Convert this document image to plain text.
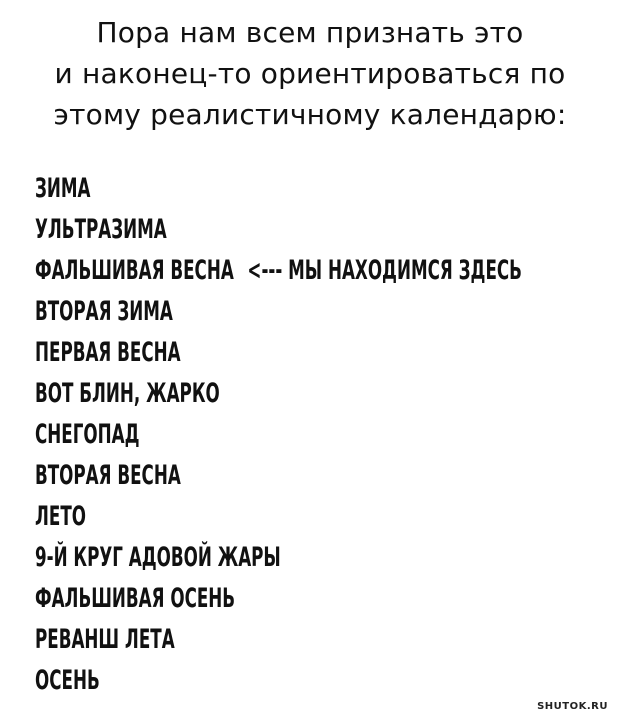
Пора нам всем признать это
и наконец-то ориентироваться по
этому реалистичному календарю:
ЗИМА
УЛЬТРАЗИМА
ФАЛЬШИВАЯ ВЕСНА <--- МЫ НАХОДИМСЯ ЗДЕСЬ
ВТОРАЯ ЗИМА
ПЕРВАЯ ВЕСНА
ВОТ БЛИН, ЖАРКО
СНЕГОПАД
ВТОРАЯ ВЕСНА
ЛЕТО
9-Й КРУГ АДОВОЙ ЖАРЫ
ФАЛЬШИВАЯ ОСЕНЬ
РЕВАНШ ЛЕТА
ОСЕНЬ
SHUTOK.RU
